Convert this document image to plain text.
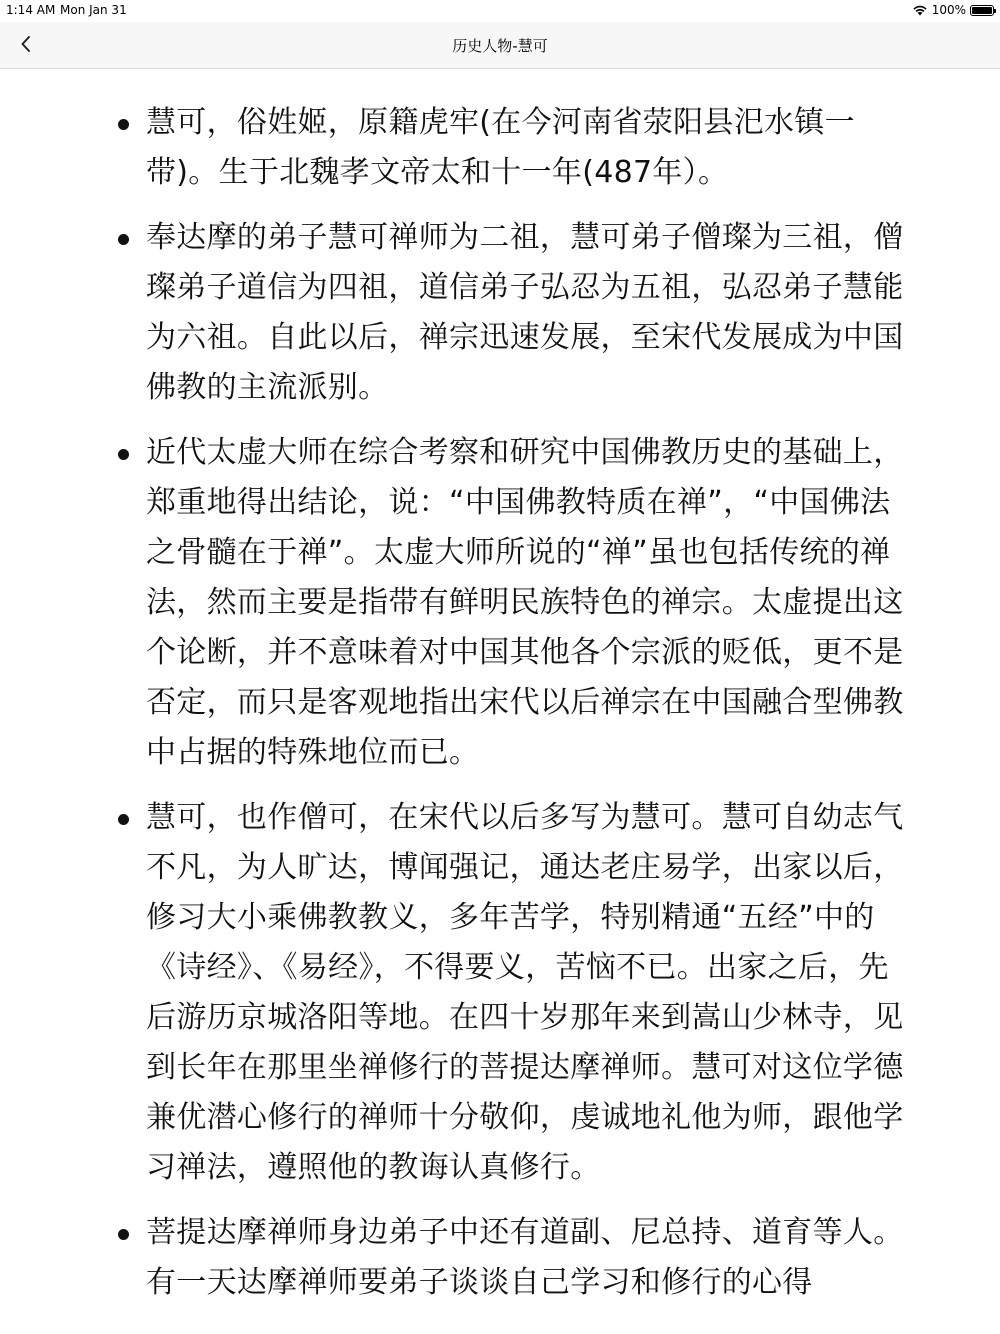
1:14 AM Mon Jan 31	100%
历史人物-慧可
慧可，俗姓姬，原籍虎牢(在今河南省荥阳县汜水镇一带)。生于北魏孝文帝太和十一年(487年）。
奉达摩的弟子慧可禅师为二祖，慧可弟子僧璨为三祖，僧璨弟子道信为四祖，道信弟子弘忍为五祖，弘忍弟子慧能为六祖。自此以后，禅宗迅速发展，至宋代发展成为中国佛教的主流派别。
近代太虚大师在综合考察和研究中国佛教历史的基础上，郑重地得出结论，说：“中国佛教特质在禅”，“中国佛法之骨髓在于禅”。太虚大师所说的“禅”虽也包括传统的禅法，然而主要是指带有鲜明民族特色的禅宗。太虚提出这个论断，并不意味着对中国其他各个宗派的贬低，更不是否定，而只是客观地指出宋代以后禅宗在中国融合型佛教中占据的特殊地位而已。
慧可，也作僧可，在宋代以后多写为慧可。慧可自幼志气不凡，为人旷达，博闻强记，通达老庄易学，出家以后，修习大小乘佛教教义，多年苦学，特别精通“五经”中的《诗经》、《易经》，不得要义，苦恼不已。出家之后，先后游历京城洛阳等地。在四十岁那年来到嵩山少林寺，见到长年在那里坐禅修行的菩提达摩禅师。慧可对这位学德兼优潜心修行的禅师十分敬仰，虔诚地礼他为师，跟他学习禅法，遵照他的教诲认真修行。
菩提达摩禅师身边弟子中还有道副、尼总持、道育等人。有一天达摩禅师要弟子谈谈自己学习和修行的心得
